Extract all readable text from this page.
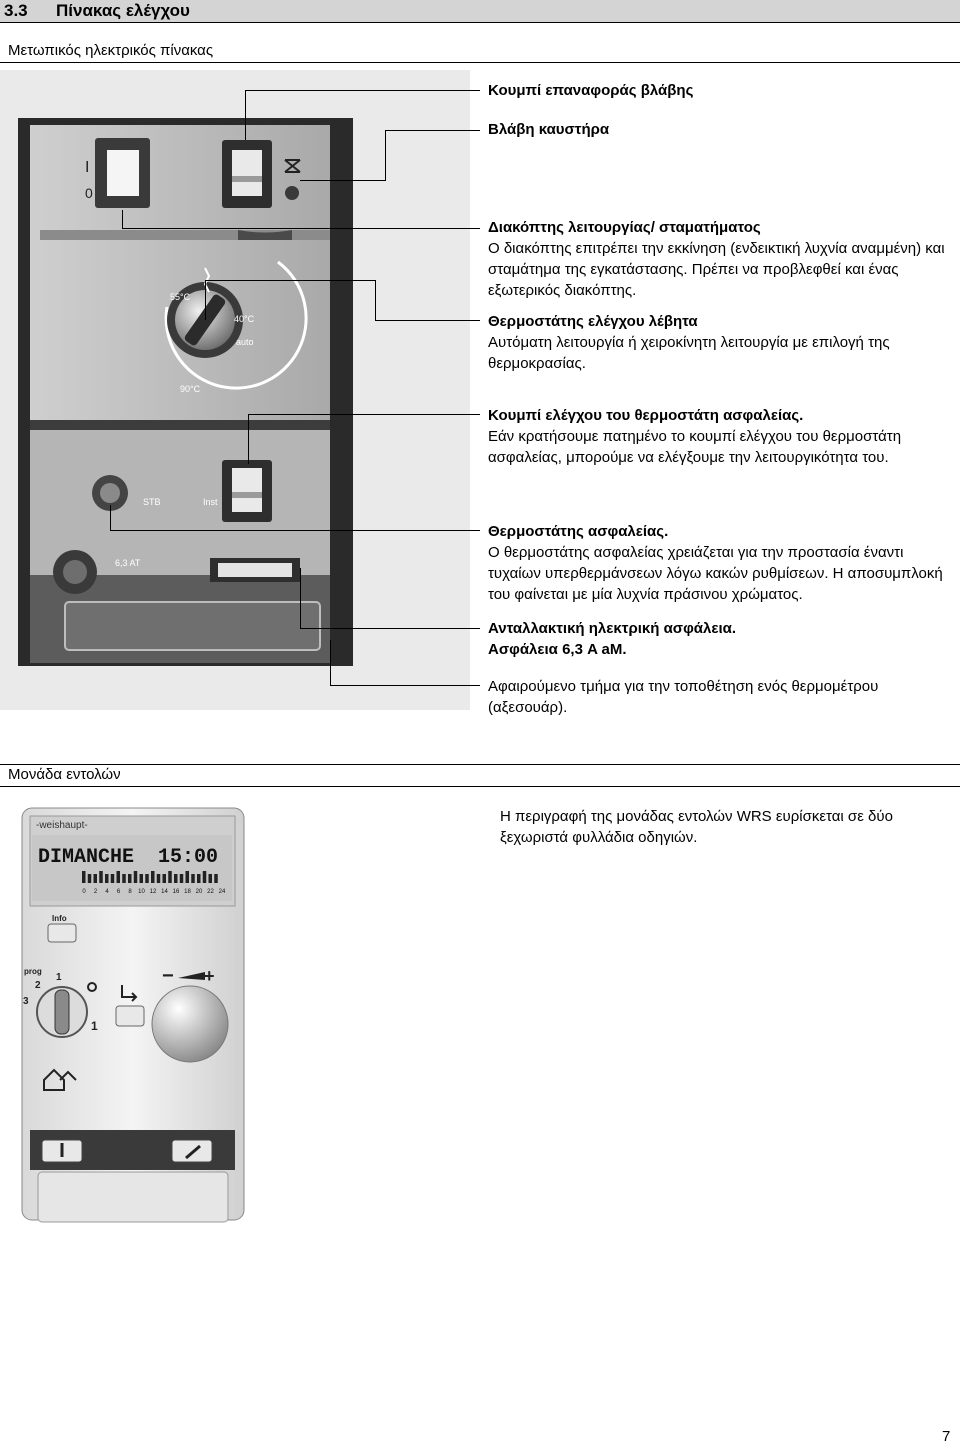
3.3 Πίνακας ελέγχου
Μετωπικός ηλεκτρικός πίνακας
I
0
55°C
40°C
auto
90°C
STB	Inst
6,3 AT
Κουμπί επαναφοράς βλάβης
Βλάβη καυστήρα
Διακόπτης λειτουργίας/ σταματήματος
Ο διακόπτης επιτρέπει την εκκίνηση (ενδεικτική λυχνία αναμμένη) και σταμάτημα της εγκατάστασης. Πρέπει να προβλεφθεί και ένας εξωτερικός διακόπτης.
Θερμοστάτης ελέγχου λέβητα
Αυτόματη λειτουργία ή χειροκίνητη λειτουργία με επιλογή της θερμοκρασίας.
Κουμπί ελέγχου του θερμοστάτη ασφαλείας.
Εάν κρατήσουμε πατημένο το κουμπί ελέγχου του θερμοστάτη ασφαλείας, μπορούμε να ελέγξουμε την λειτουργικότητα του.
Θερμοστάτης ασφαλείας.
Ο θερμοστάτης ασφαλείας χρειάζεται για την προστασία έναντι τυχαίων υπερθερμάνσεων λόγω κακών ρυθμίσεων. Η αποσυμπλοκή του φαίνεται με μία λυχνία πράσινου χρώματος.
Ανταλλακτική ηλεκτρική ασφάλεια.
Ασφάλεια 6,3 A aM.
Αφαιρούμενο τμήμα για την τοποθέτηση ενός θερμομέτρου (αξεσουάρ).
Μονάδα εντολών
Η περιγραφή της μονάδας εντολών WRS ευρίσκεται σε δύο ξεχωριστά φυλλάδια οδηγιών.
-weishaupt-
DIMANCHE 15:00
0 2 4 6 8 10 12 14 16 18 20 22 24
Info
prog
1
2
3
1
− +
7
